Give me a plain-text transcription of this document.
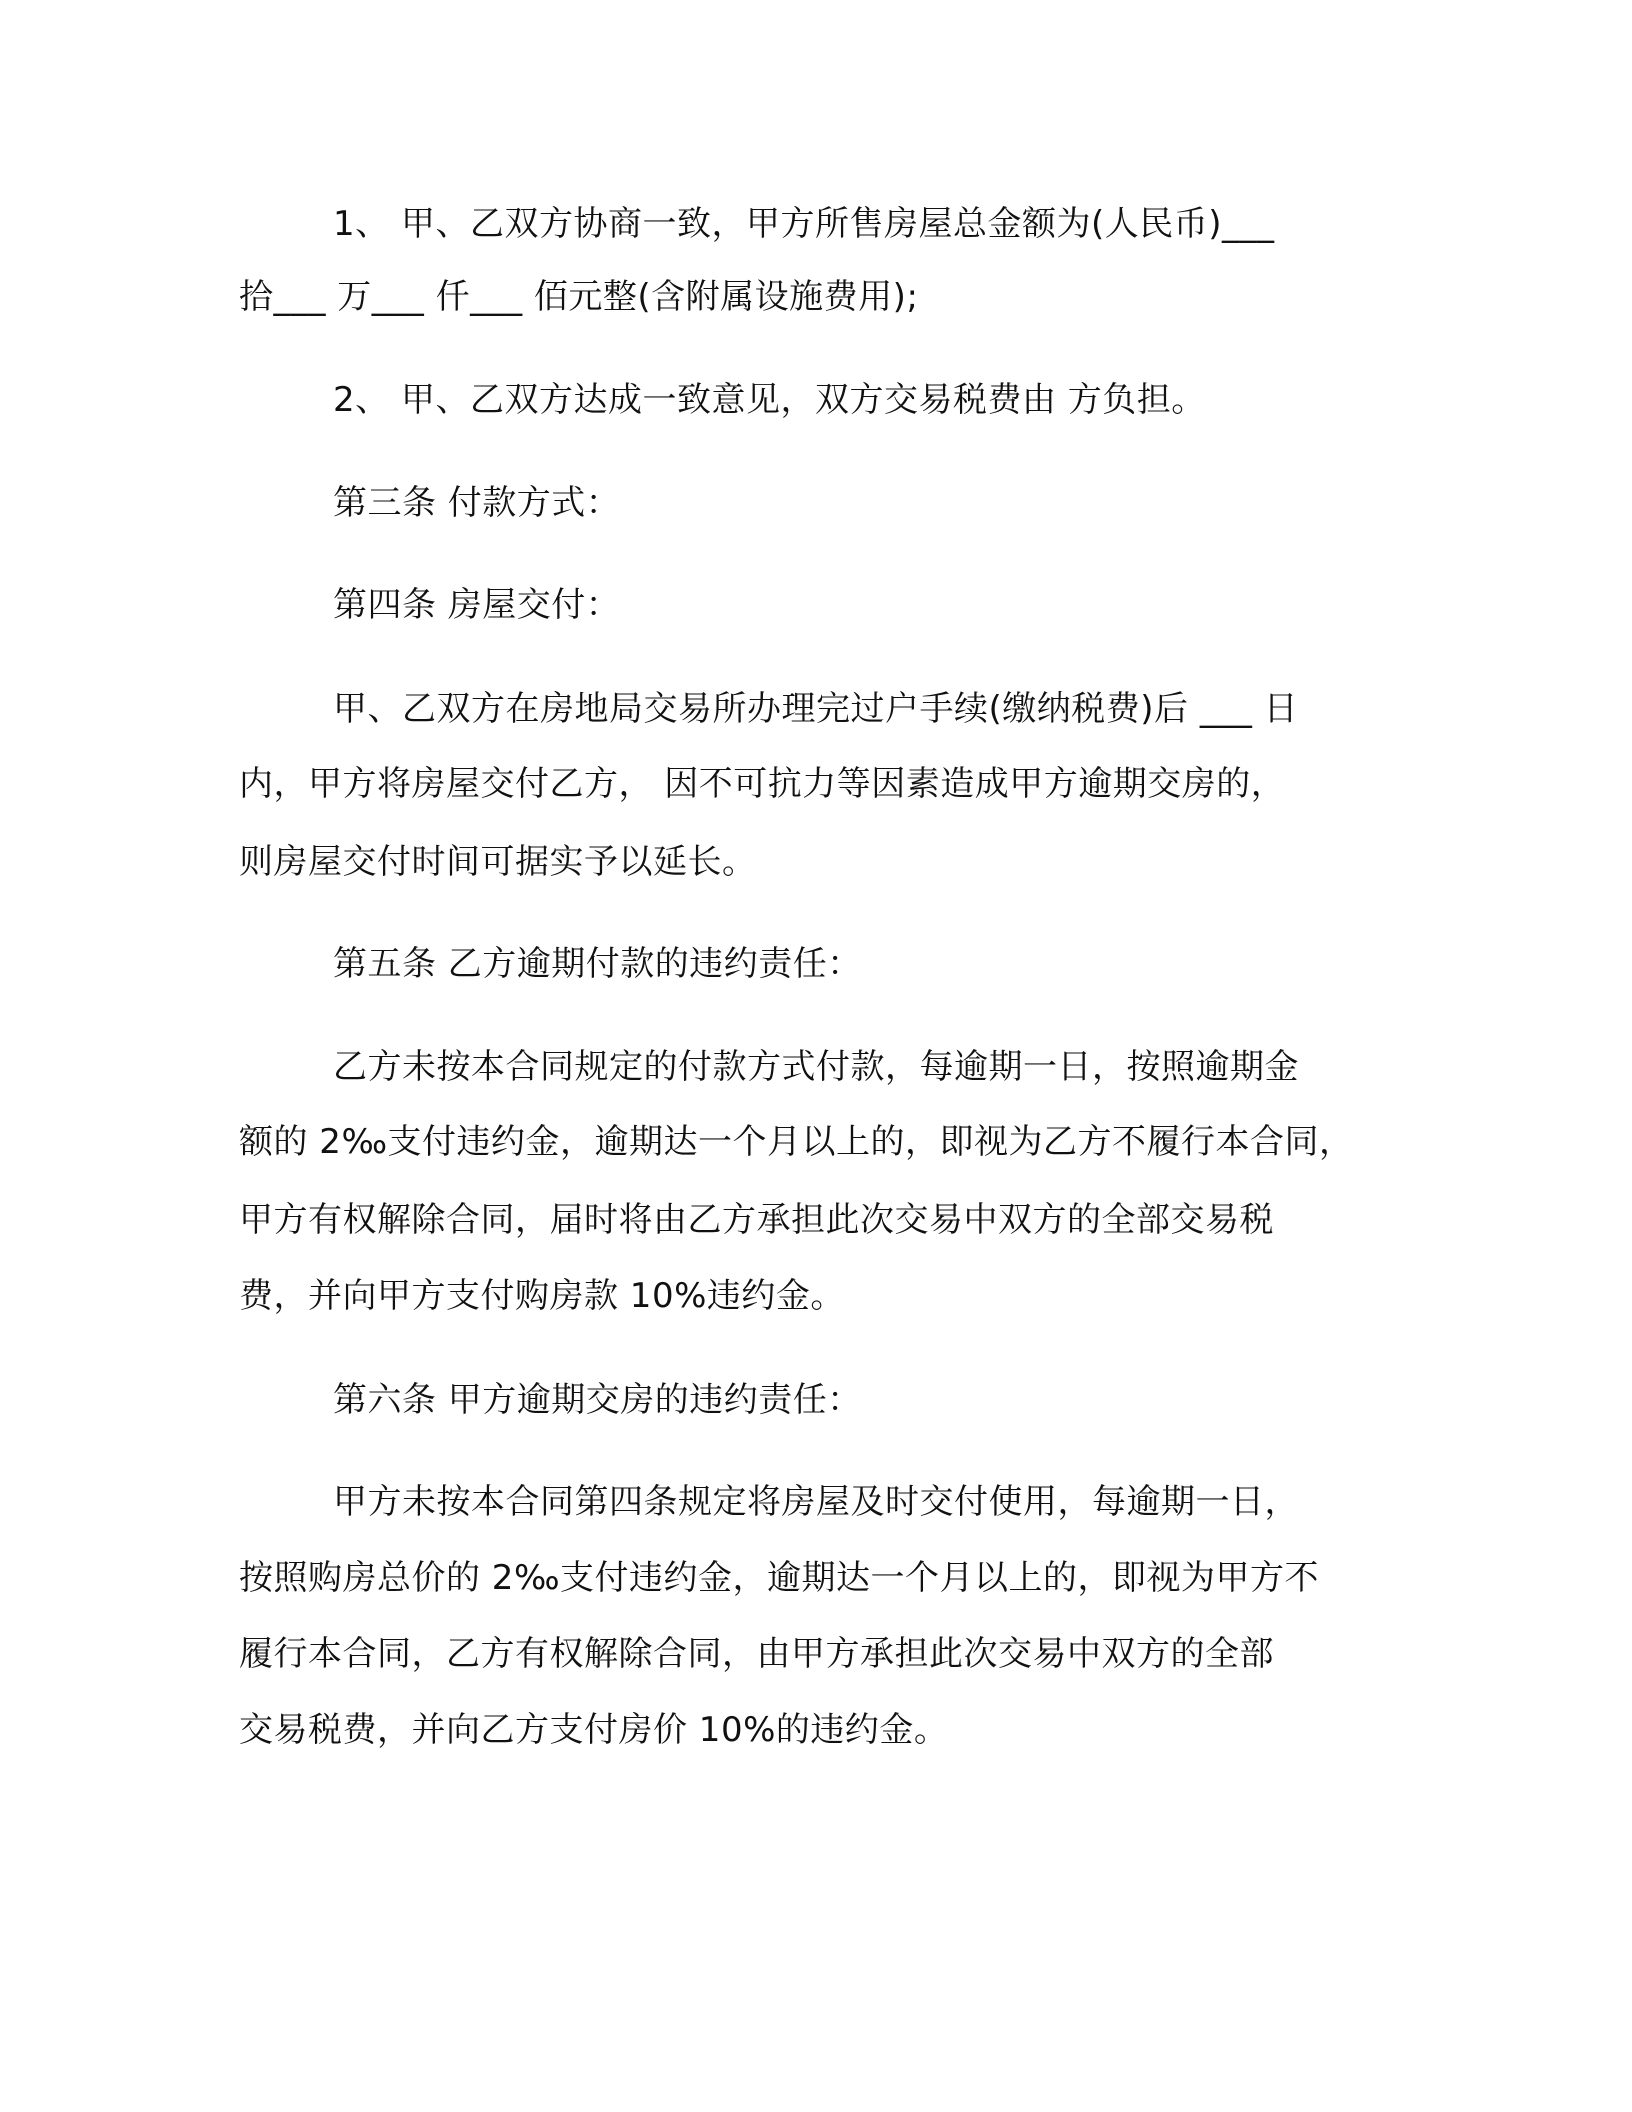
1、 甲、乙双方协商一致，甲方所售房屋总金额为(人民币)___
拾___ 万___ 仟___ 佰元整(含附属设施费用);
2、 甲、乙双方达成一致意见，双方交易税费由 方负担。
第三条 付款方式：
第四条 房屋交付：
甲、乙双方在房地局交易所办理完过户手续(缴纳税费)后 ___ 日
内，甲方将房屋交付乙方， 因不可抗力等因素造成甲方逾期交房的，
则房屋交付时间可据实予以延长。
第五条 乙方逾期付款的违约责任：
乙方未按本合同规定的付款方式付款，每逾期一日，按照逾期金
额的 2‰支付违约金，逾期达一个月以上的，即视为乙方不履行本合同，
甲方有权解除合同，届时将由乙方承担此次交易中双方的全部交易税
费，并向甲方支付购房款 10%违约金。
第六条 甲方逾期交房的违约责任：
甲方未按本合同第四条规定将房屋及时交付使用，每逾期一日，
按照购房总价的 2‰支付违约金，逾期达一个月以上的，即视为甲方不
履行本合同，乙方有权解除合同，由甲方承担此次交易中双方的全部
交易税费，并向乙方支付房价 10%的违约金。
